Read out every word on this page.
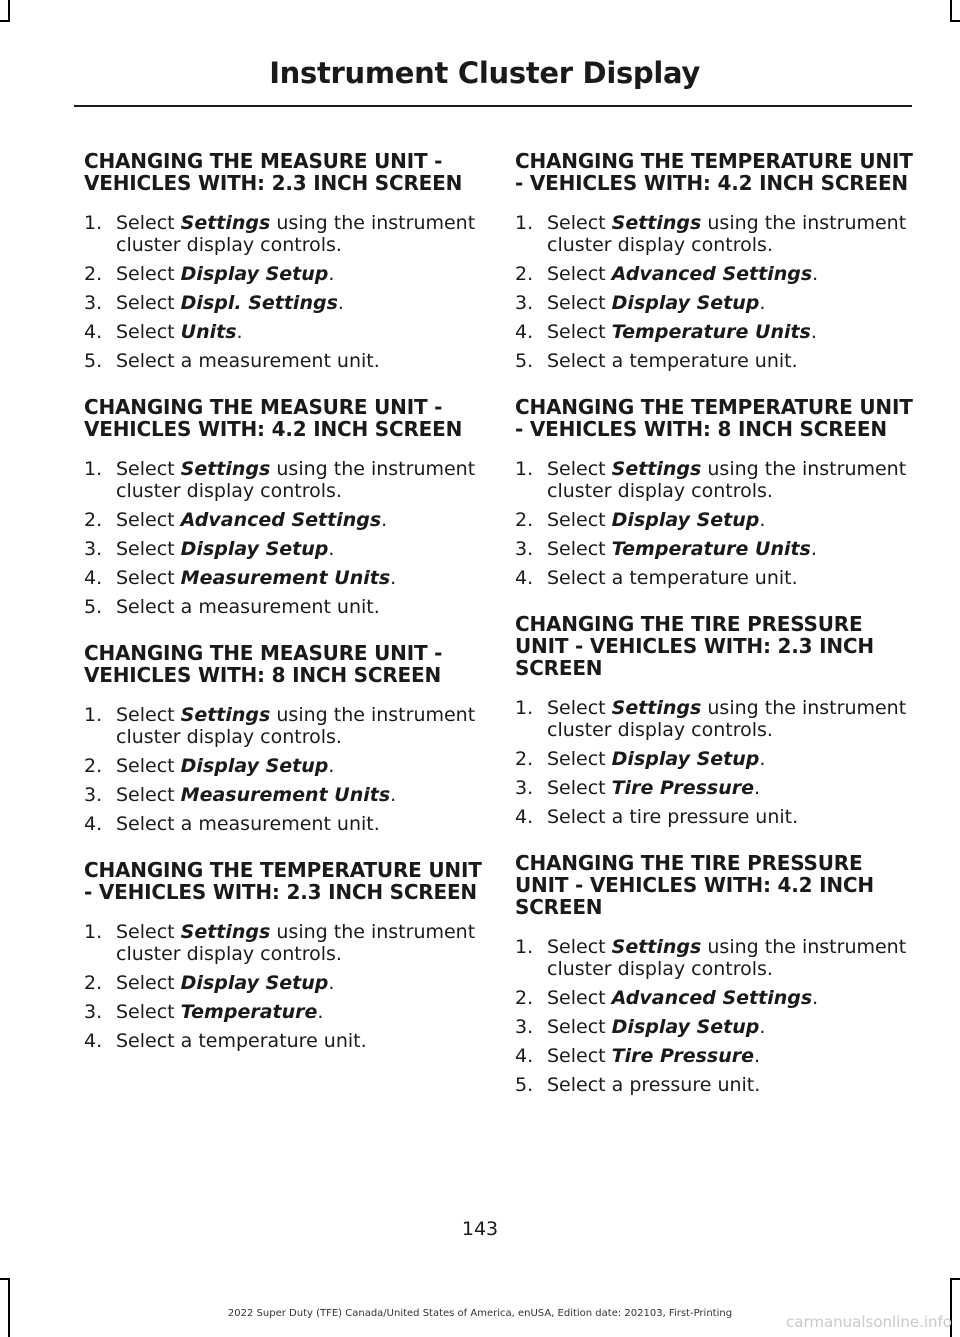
Instrument Cluster Display
CHANGING THE MEASURE UNIT - VEHICLES WITH: 2.3 INCH SCREEN
1. Select Settings using the instrument cluster display controls.
2. Select Display Setup.
3. Select Displ. Settings.
4. Select Units.
5. Select a measurement unit.
CHANGING THE MEASURE UNIT - VEHICLES WITH: 4.2 INCH SCREEN
1. Select Settings using the instrument cluster display controls.
2. Select Advanced Settings.
3. Select Display Setup.
4. Select Measurement Units.
5. Select a measurement unit.
CHANGING THE MEASURE UNIT - VEHICLES WITH: 8 INCH SCREEN
1. Select Settings using the instrument cluster display controls.
2. Select Display Setup.
3. Select Measurement Units.
4. Select a measurement unit.
CHANGING THE TEMPERATURE UNIT - VEHICLES WITH: 2.3 INCH SCREEN
1. Select Settings using the instrument cluster display controls.
2. Select Display Setup.
3. Select Temperature.
4. Select a temperature unit.
CHANGING THE TEMPERATURE UNIT - VEHICLES WITH: 4.2 INCH SCREEN
1. Select Settings using the instrument cluster display controls.
2. Select Advanced Settings.
3. Select Display Setup.
4. Select Temperature Units.
5. Select a temperature unit.
CHANGING THE TEMPERATURE UNIT - VEHICLES WITH: 8 INCH SCREEN
1. Select Settings using the instrument cluster display controls.
2. Select Display Setup.
3. Select Temperature Units.
4. Select a temperature unit.
CHANGING THE TIRE PRESSURE UNIT - VEHICLES WITH: 2.3 INCH SCREEN
1. Select Settings using the instrument cluster display controls.
2. Select Display Setup.
3. Select Tire Pressure.
4. Select a tire pressure unit.
CHANGING THE TIRE PRESSURE UNIT - VEHICLES WITH: 4.2 INCH SCREEN
1. Select Settings using the instrument cluster display controls.
2. Select Advanced Settings.
3. Select Display Setup.
4. Select Tire Pressure.
5. Select a pressure unit.
143
2022 Super Duty (TFE) Canada/United States of America, enUSA, Edition date: 202103, First-Printing	carmanualsonline.info
